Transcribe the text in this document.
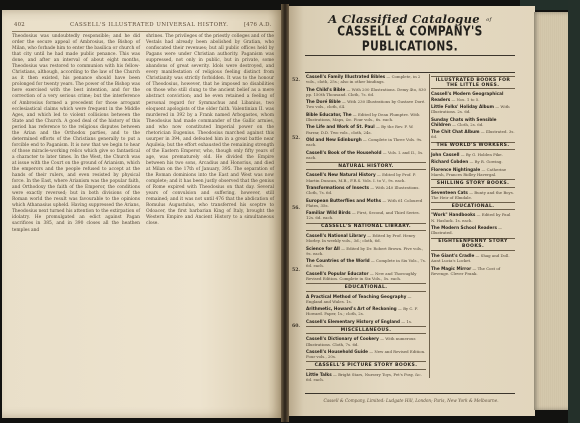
402	CASSELL'S ILLUSTRATED UNIVERSAL HISTORY.	[476 A.D.
Theodosius was undoubtedly responsible; and he did order the secure appeal of Ambrosius, the Bishop of Milan, who forbade him to enter the basilica or church of that city until he had made public penance. This was done, and after an interval of about eight months, Theodosius was restored to communion with his fellow-Christians, although, according to the law of the Church as it then existed, his penance should have been prolonged for twenty years. The power of the Bishop was here exercised with the best intention, and for the correction of a very serious crime; but the interference of Ambrosius formed a precedent for those arrogant ecclesiastical claims which were frequent in the Middle Ages, and which led to violent collisions between the State and the Church. A good deal of the history of this period has reference to the religious disputes between the Arian and the Orthodox parties, and to the determined efforts of the Christians generally to put a forcible end to Paganism. It is now that we begin to hear of those miracle-working relics which give so fantastical a character to later times. In the West, the Church was at issue with the Court on the ground of Arianism, which the emperors and the people refused to accept at the hands of their rulers, and even resisted by physical force. In the East, where Arianism was the popular faith, and Orthodoxy the faith of the Emperor, the conditions were exactly reversed; but in both divisions of the Roman world the result was favourable to the opinions which Athanasius upheld. Having suppressed the Arians, Theodosius next turned his attention to the extirpation of idolatry. He promulgated an edict against Pagan sacrifices in 385, and in 390 closes all the heathen temples and
shrines. The privileges of the priestly colleges and of the Vestals had already been abolished by Gratian, who confiscated their revenues; but all public offices held by Pagans were under Christian authority. Paganism was suppressed, not only in public, but in private, some abandons of great severity. Idols were destroyed, and every manifestation of religious feeling distinct from Christianity was strictly forbidden. It was to the honour of Theodosius, however, that he imposed no disabilities on those who still clung to the ancient belief as a mere abstract conviction; and he even retained a feeling of personal regard for Symmachus and Libanius, two eloquent apologists of the older faith. Valentinian II. was murdered in 392 by a Frank named Arbogastes, whom Theodosius had made commander of the Gallic armies, and who now constituted Imperial power on the rhetorician Eugenius. Theodosius marched against this usurper in 394, and defeated him in a great battle near Aquileia; but the effort exhausted the remaining strength of the Eastern Emperor, who, though only fifty years of age, was prematurely old. He divided the Empire between his two sons, Arcadius and Honorius, and died at Milan on the 17th of January, 395. The separation of the Roman dominions into the East and West was now complete; and it has been justly observed that the genius of Rome expired with Theodosius on that day. Several years of convulsion and suffering, however, still remained; and it was not until 476 that the abdication of Romulus Augustulus, who transferred his sceptre to Odoacer, the first barbarian King of Italy, brought the Western Empire and Ancient History to a simultaneous close.
A Classified Catalogue of
CASSELL & COMPANY'S PUBLICATIONS.
52.
52.
56.
52.
60.
Cassell's Family Illustrated Bibles — Complete, in 2 vols., cloth, 25s.; also in other bindings.
The Child's Bible — With 200 Illustrations. Demy 4to, 830 pp. 150th Thousand. Cloth, 7s. 6d.
The Doré Bible — With 230 Illustrations by Gustave Doré. Two vols., cloth, £4.
Bible Educator, The — Edited by Dean Plumptre. With Illustrations, Maps, &c. Four vols., 6s. each.
The Life and Work of St. Paul — By the Rev. F. W. Farrar, D.D. Two vols., cloth, 24s.
Old and New Edinburgh — Complete in Three Vols. 9s. each.
Cassell's Book of the Household — Vols. I. and II., 5s. each.
NATURAL HISTORY.
Cassell's New Natural History — Edited by Prof. P. Martin Duncan, M.B., F.R.S. Vols. I. to V., 9s. each.
Transformations of Insects — With 240 Illustrations. Cloth, 7s. 6d.
European Butterflies and Moths — With 61 Coloured Plates, 35s.
Familiar Wild Birds — First, Second, and Third Series. 12s. 6d. each.
CASSELL'S NATIONAL LIBRARY.
Cassell's National Library — Edited by Prof. Henry Morley. In weekly vols., 3d.; cloth, 6d.
Science for All — Edited by Dr. Robert Brown. Five vols., 9s. each.
The Countries of the World — Complete in Six Vols., 7s. 6d. each.
Cassell's Popular Educator — New and Thoroughly Revised Edition. Complete in Six Vols., 5s. each.
EDUCATIONAL.
A Practical Method of Teaching Geography — England and Wales. 1s.
Arithmetic, Howard's Art of Reckoning — By C. F. Howard. Paper, 1s.; cloth, 2s.
Cassell's Elementary History of England — 1s.
MISCELLANEOUS.
Cassell's Dictionary of Cookery — With numerous Illustrations. Cloth, 7s. 6d.
Cassell's Household Guide — New and Revised Edition. Four vols., 20s.
CASSELL'S PICTURE STORY BOOKS.
Little Talks — Bright Stars, Nursery Toys, Pet's Posy, &c. 6d. each.
ILLUSTRATED BOOKS FOR THE LITTLE ONES.
Cassell's Modern Geographical Readers — Nos. 1 to 5.
Little Folks' Holiday Album — With Illustrations. 2s. 6d.
Sunday Chats with Sensible Children — Cloth, 2s. 6d.
The Chit Chat Album — Illustrated. 3s. 6d.
THE WORLD'S WORKERS.
John Cassell — By G. Holden Pike.
Richard Cobden — By R. Gowing.
Florence Nightingale — Catherine Marsh, Frances Ridley Havergal.
SHILLING STORY BOOKS.
Seventeen Cats — Bunty and the Boys. The Heir of Elmdale.
EDUCATIONAL.
"Work" Handbooks — Edited by Paul N. Hasluck. 1s. each.
The Modern School Readers — Illustrated.
EIGHTEENPENNY STORY BOOKS.
The Giant's Cradle — Shag and Doll. Aunt Lucia's Locket.
The Magic Mirror — The Cost of Revenge. Clever Frank.
Cassell & Company, Limited: Ludgate Hill, London; Paris, New York & Melbourne.
